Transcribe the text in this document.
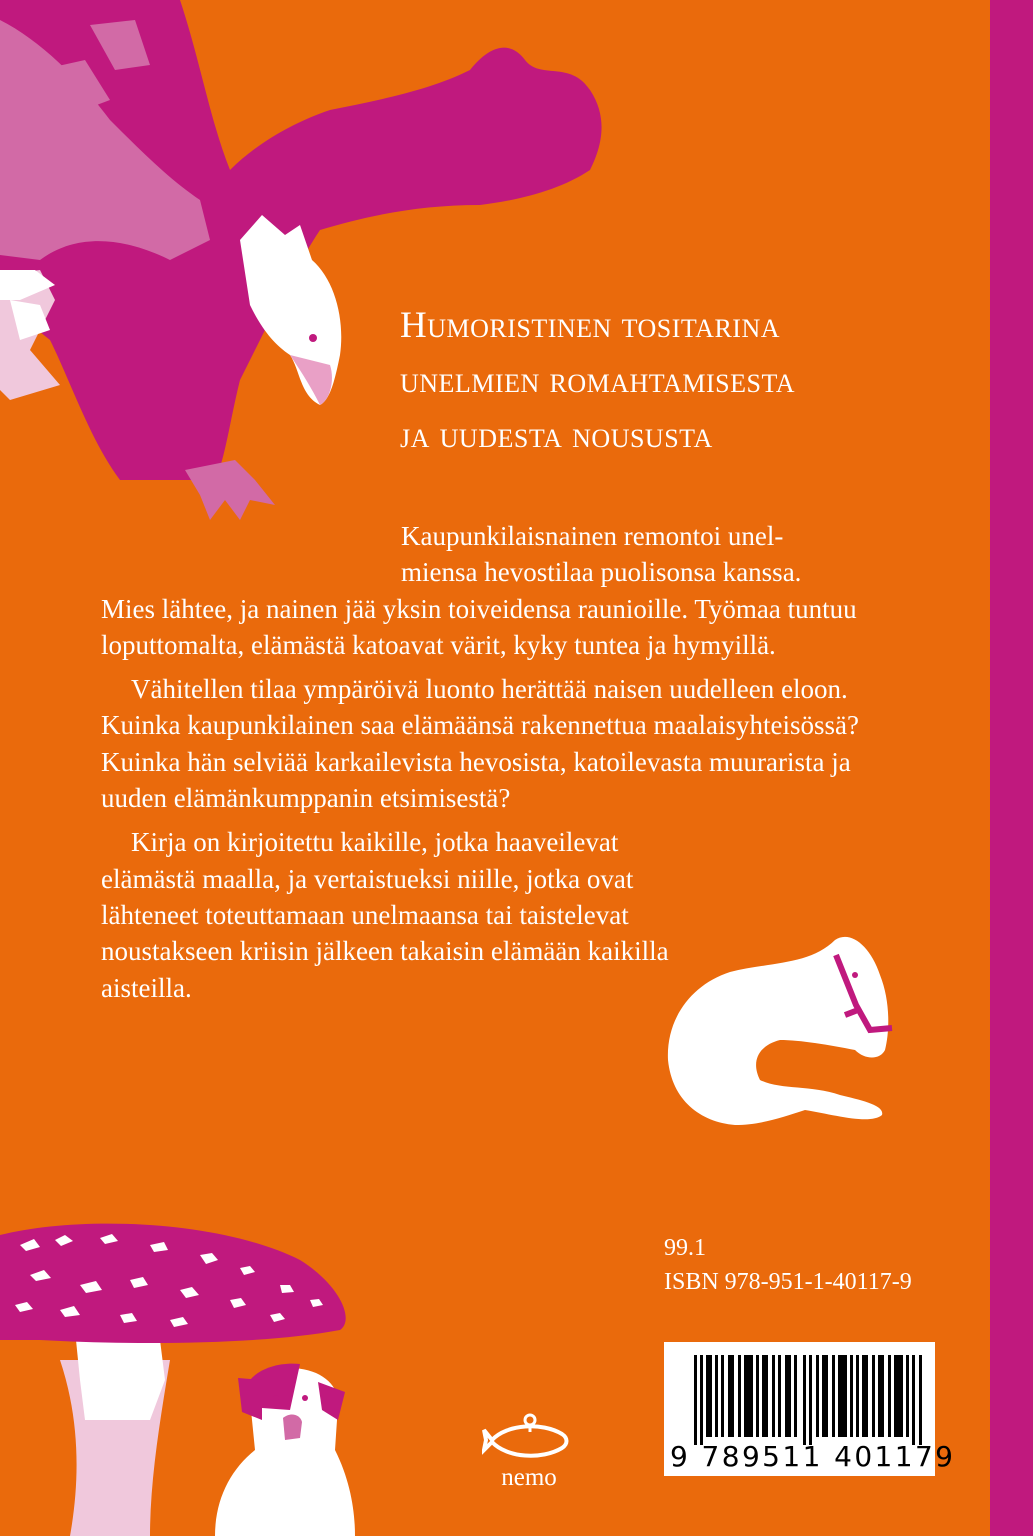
Humoristinen tositarina
unelmien romahtamisesta
ja uudesta noususta

Kaupunkilaisnainen remontoi unel-
miensa hevostilaa puolisonsa kanssa.
Mies lähtee, ja nainen jää yksin toiveidensa raunioille. Työmaa tuntuu loputtomalta, elämästä katoavat värit, kyky tuntea ja hymyillä.

Vähitellen tilaa ympäröivä luonto herättää naisen uudelleen eloon. Kuinka kaupunkilainen saa elämäänsä rakennettua maalaisyhteisössä? Kuinka hän selviää karkailevista hevosista, katoilevasta muurarista ja uuden elämänkumppanin etsimisestä?

Kirja on kirjoitettu kaikille, jotka haaveilevat elämästä maalla, ja vertaistueksi niille, jotka ovat lähteneet toteuttamaan unelmaansa tai taistelevat noustakseen kriisin jälkeen takaisin elämään kaikilla aisteilla.

99.1
ISBN 978-951-1-40117-9
9 789511 401179
nemo
